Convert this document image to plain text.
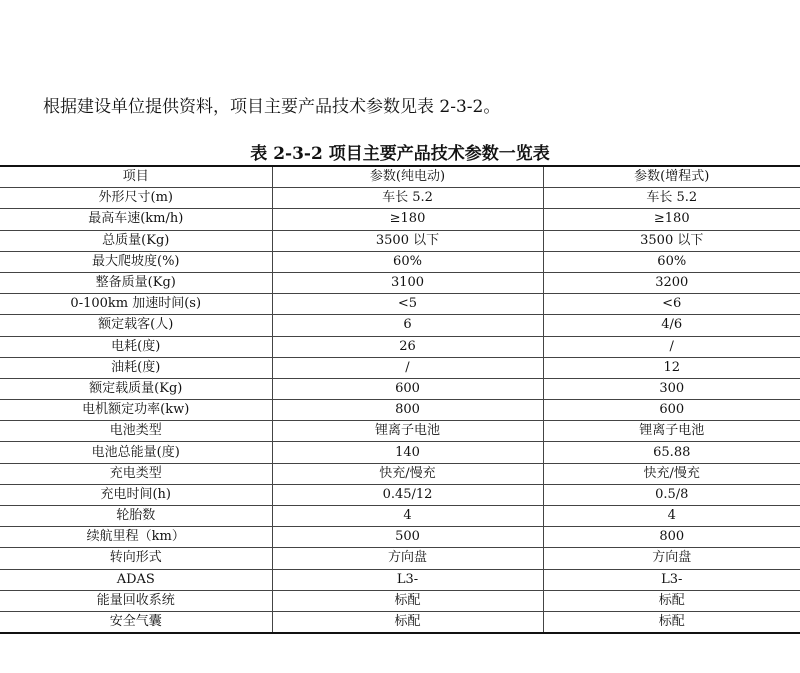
根据建设单位提供资料，项目主要产品技术参数见表 2-3-2。

表 2-3-2 项目主要产品技术参数一览表

项目	参数(纯电动)	参数(增程式)
外形尺寸(m)	车长 5.2	车长 5.2
最高车速(km/h)	≥180	≥180
总质量(Kg)	3500 以下	3500 以下
最大爬坡度(%)	60%	60%
整备质量(Kg)	3100	3200
0-100km 加速时间(s)	<5	<6
额定载客(人)	6	4/6
电耗(度)	26	/
油耗(度)	/	12
额定载质量(Kg)	600	300
电机额定功率(kw)	800	600
电池类型	锂离子电池	锂离子电池
电池总能量(度)	140	65.88
充电类型	快充/慢充	快充/慢充
充电时间(h)	0.45/12	0.5/8
轮胎数	4	4
续航里程（km）	500	800
转向形式	方向盘	方向盘
ADAS	L3-	L3-
能量回收系统	标配	标配
安全气囊	标配	标配
